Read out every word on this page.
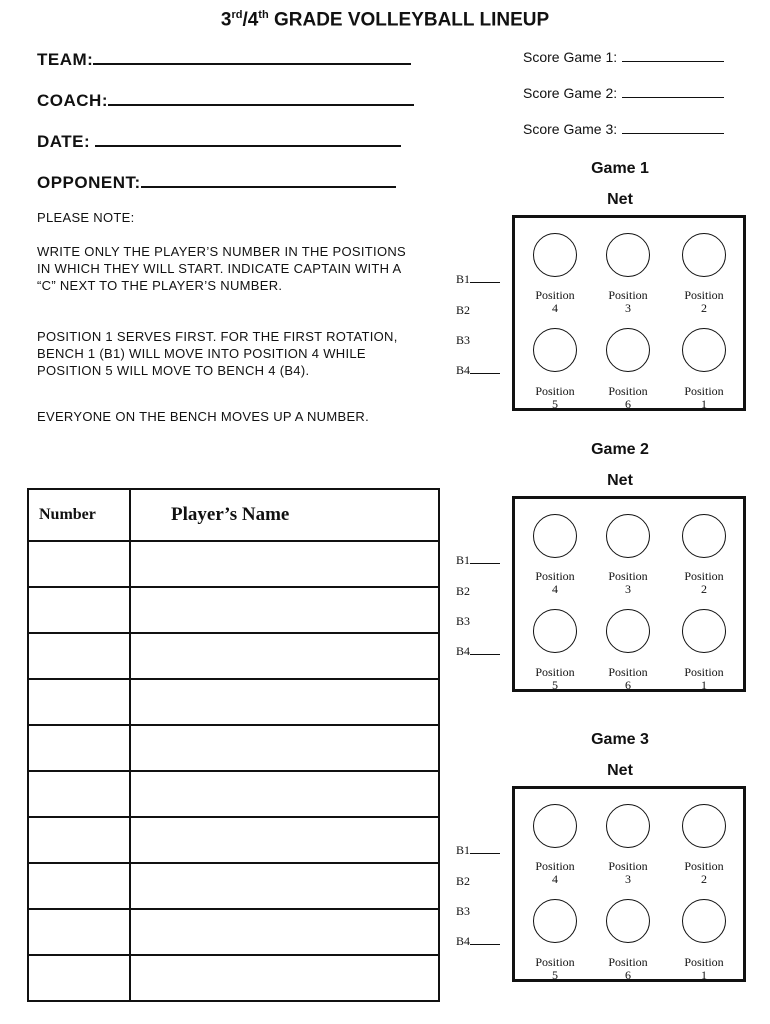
3rd/4th GRADE VOLLEYBALL LINEUP
TEAM:
COACH:
DATE:
OPPONENT:
PLEASE NOTE:
WRITE ONLY THE PLAYER’S NUMBER IN THE POSITIONS IN WHICH THEY WILL START. INDICATE CAPTAIN WITH A “C” NEXT TO THE PLAYER’S NUMBER.
POSITION 1 SERVES FIRST. FOR THE FIRST ROTATION, BENCH 1 (B1) WILL MOVE INTO POSITION 4 WHILE POSITION 5 WILL MOVE TO BENCH 4 (B4).
EVERYONE ON THE BENCH MOVES UP A NUMBER.
Score Game 1:
Score Game 2:
Score Game 3:
Game 1
Net
Position
4
Position
3
Position
2
Position
5
Position
6
Position
1
B1
B2
B3
B4
Game 2
Net
Position
4
Position
3
Position
2
Position
5
Position
6
Position
1
B1
B2
B3
B4
Game 3
Net
Position
4
Position
3
Position
2
Position
5
Position
6
Position
1
B1
B2
B3
B4
Number	Player’s Name
